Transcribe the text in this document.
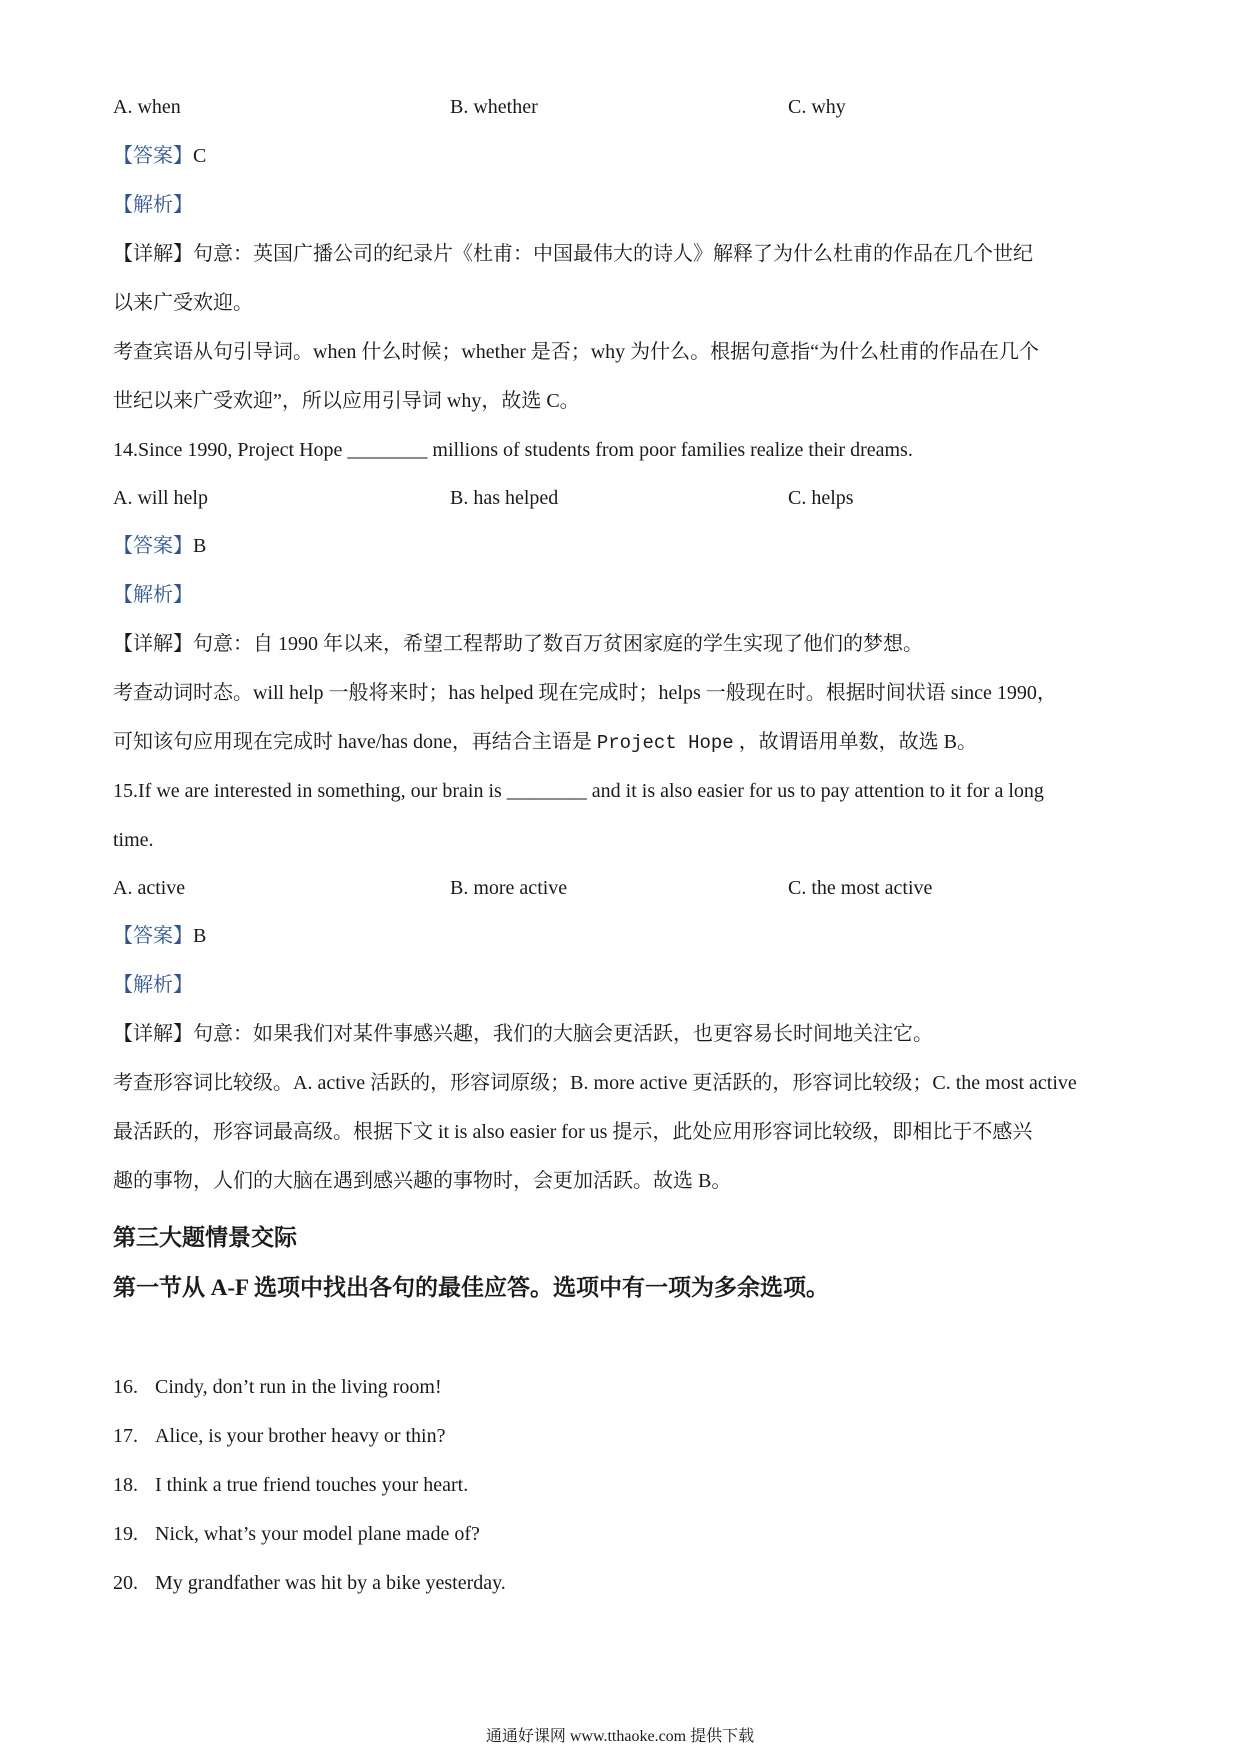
A. when	B. whether	C. why
【答案】C
【解析】
【详解】句意：英国广播公司的纪录片《杜甫：中国最伟大的诗人》解释了为什么杜甫的作品在几个世纪
以来广受欢迎。
考查宾语从句引导词。when 什么时候；whether 是否；why 为什么。根据句意指“为什么杜甫的作品在几个
世纪以来广受欢迎”，所以应用引导词 why，故选 C。
14.Since 1990, Project Hope ________ millions of students from poor families realize their dreams.
A. will help	B. has helped	C. helps
【答案】B
【解析】
【详解】句意：自 1990 年以来，希望工程帮助了数百万贫困家庭的学生实现了他们的梦想。
考查动词时态。will help 一般将来时；has helped 现在完成时；helps 一般现在时。根据时间状语 since 1990，
可知该句应用现在完成时 have/has done，再结合主语是 Project Hope ，故谓语用单数，故选 B。
15.If we are interested in something, our brain is ________ and it is also easier for us to pay attention to it for a long
time.
A. active	B. more active	C. the most active
【答案】B
【解析】
【详解】句意：如果我们对某件事感兴趣，我们的大脑会更活跃，也更容易长时间地关注它。
考查形容词比较级。A. active 活跃的，形容词原级；B. more active 更活跃的，形容词比较级；C. the most active
最活跃的，形容词最高级。根据下文 it is also easier for us 提示，此处应用形容词比较级，即相比于不感兴
趣的事物，人们的大脑在遇到感兴趣的事物时，会更加活跃。故选 B。
第三大题情景交际
第一节从 A-F 选项中找出各句的最佳应答。选项中有一项为多余选项。
16. Cindy, don’t run in the living room!
17. Alice, is your brother heavy or thin?
18. I think a true friend touches your heart.
19. Nick, what’s your model plane made of?
20. My grandfather was hit by a bike yesterday.
通通好课网 www.tthaoke.com 提供下载
